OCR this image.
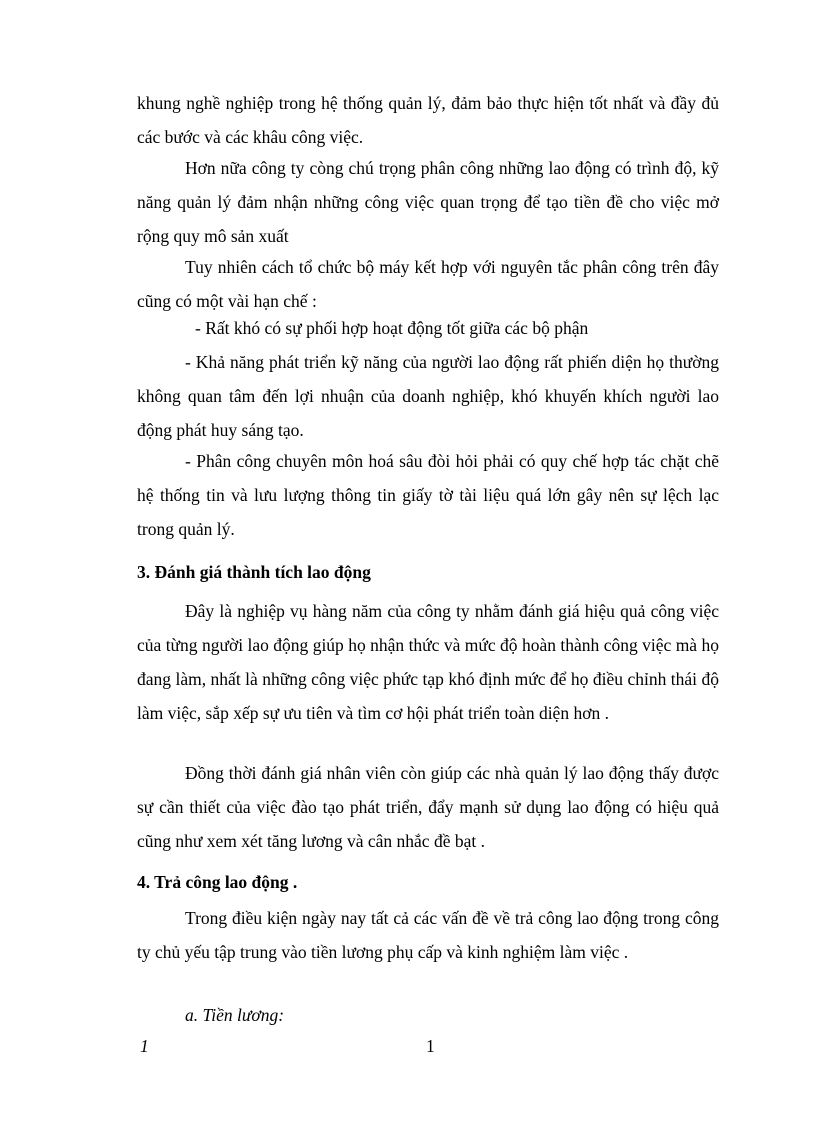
khung nghề nghiệp trong hệ thống quản lý, đảm bảo thực hiện tốt nhất và đầy đủ các bước và các khâu công việc.
Hơn nữa công ty còng chú trọng phân công những lao động có trình độ, kỹ năng quản lý đảm nhận những công việc quan trọng để tạo tiền đề cho việc mở rộng quy mô sản xuất
Tuy nhiên cách tổ chức bộ máy kết hợp với nguyên tắc phân công trên đây cũng có một vài hạn chế :
- Rất khó có sự phối hợp hoạt động tốt giữa các bộ phận
- Khả năng phát triển kỹ năng của người lao động rất phiến diện họ thường không quan tâm đến lợi nhuận của doanh nghiệp, khó khuyến khích người lao động phát huy sáng tạo.
- Phân công chuyên môn hoá sâu đòi hỏi phải có quy chế hợp tác chặt chẽ hệ thống tin và lưu lượng thông tin giấy tờ tài liệu quá lớn gây nên sự lệch lạc trong quản lý.
3. Đánh giá thành tích lao động
Đây là nghiệp vụ hàng năm của công ty nhằm đánh giá hiệu quả công việc của từng người lao động giúp họ nhận thức và mức độ hoàn thành công việc mà họ đang làm, nhất là những công việc phức tạp khó định mức để họ điều chỉnh thái độ làm việc, sắp xếp sự ưu tiên và tìm cơ hội phát triển toàn diện hơn .
Đồng thời đánh giá nhân viên còn giúp các nhà quản lý lao động thấy được sự cần thiết của việc đào tạo phát triển, đẩy mạnh sử dụng lao động có hiệu quả cũng như xem xét tăng lương và cân nhắc đề bạt .
4. Trả công lao động .
Trong điều kiện ngày nay tất cả các vấn đề về trả công lao động trong công ty chủ yếu tập trung vào tiền lương phụ cấp và kinh nghiệm làm việc .
a. Tiền lương:
1	1
